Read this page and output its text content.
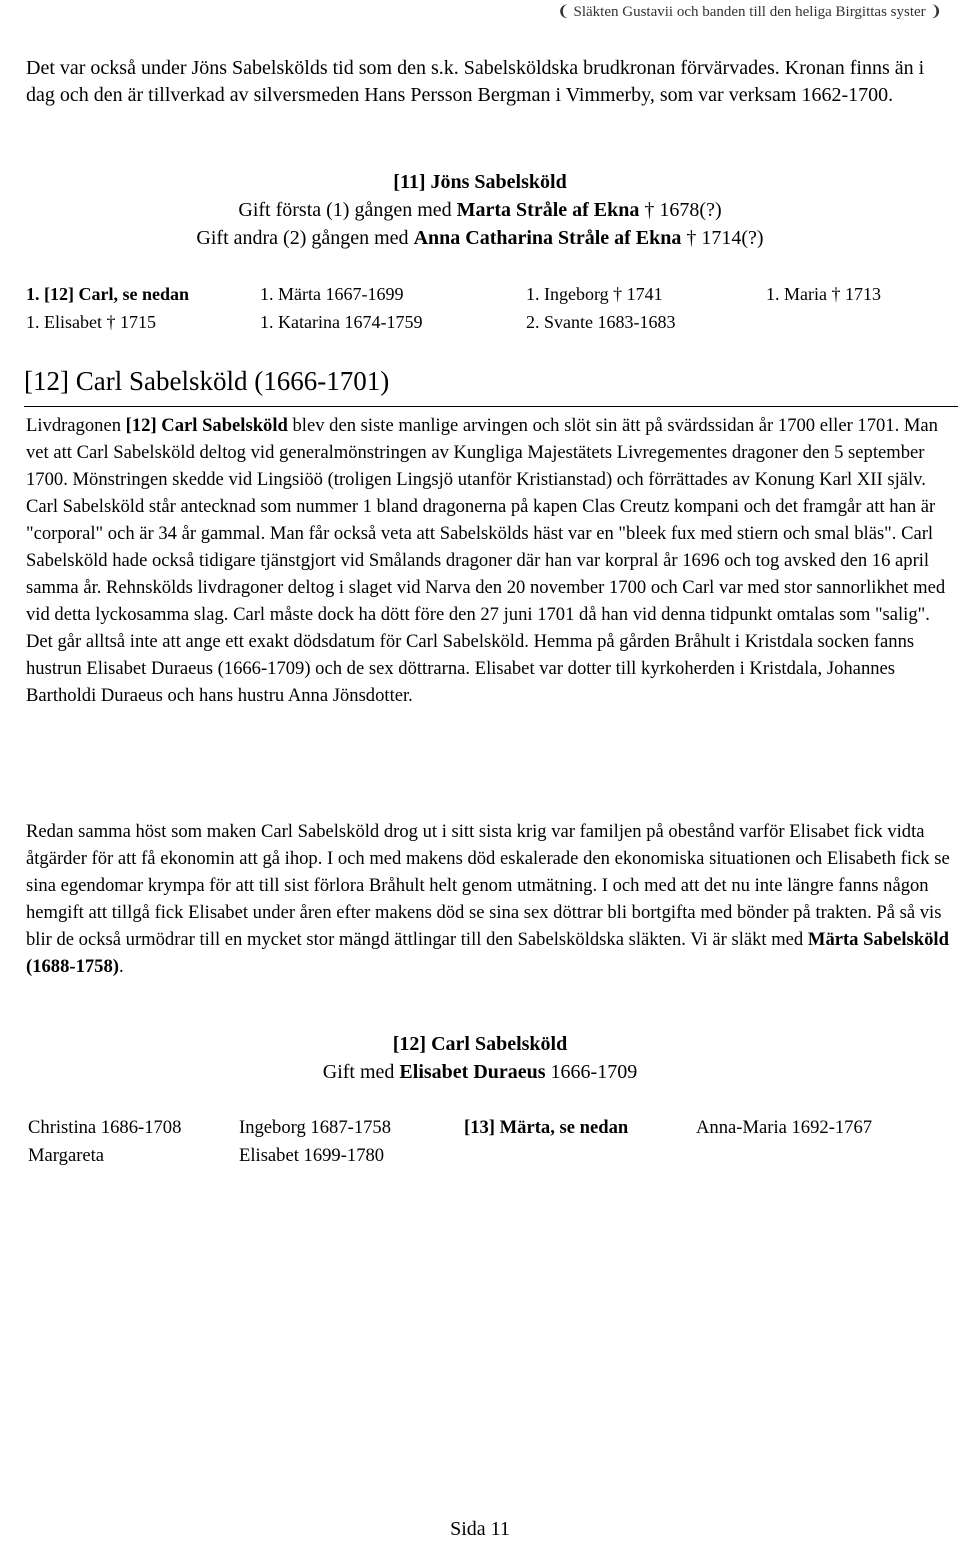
❨ Släkten Gustavii och banden till den heliga Birgittas syster ❩
Det var också under Jöns Sabelskölds tid som den s.k. Sabelsköldska brudkronan förvärvades. Kronan finns än i dag och den är tillverkad av silversmeden Hans Persson Bergman i Vimmerby, som var verksam 1662-1700.
[11] Jöns Sabelsköld
Gift första (1) gången med Marta Stråle af Ekna † 1678(?)
Gift andra (2) gången med Anna Catharina Stråle af Ekna † 1714(?)
1. [12] Carl, se nedan	1. Märta 1667-1699	1. Ingeborg † 1741	1. Maria † 1713
1. Elisabet † 1715	1. Katarina 1674-1759	2. Svante 1683-1683
[12] Carl Sabelsköld (1666-1701)

Livdragonen [12] Carl Sabelsköld blev den siste manlige arvingen och slöt sin ätt på svärdssidan år 1700 eller 1701. Man vet att Carl Sabelsköld deltog vid generalmönstringen av Kungliga Majestätets Livregementes dragoner den 5 september 1700. Mönstringen skedde vid Lingsiöö (troligen Lingsjö utanför Kristianstad) och förrättades av Konung Karl XII själv. Carl Sabelsköld står antecknad som nummer 1 bland dragonerna på kapen Clas Creutz kompani och det framgår att han är "corporal" och är 34 år gammal. Man får också veta att Sabelskölds häst var en "bleek fux med stiern och smal bläs". Carl Sabelsköld hade också tidigare tjänstgjort vid Smålands dragoner där han var korpral år 1696 och tog avsked den 16 april samma år. Rehnskölds livdragoner deltog i slaget vid Narva den 20 november 1700 och Carl var med stor sannorlikhet med vid detta lyckosamma slag. Carl måste dock ha dött före den 27 juni 1701 då han vid denna tidpunkt omtalas som "salig". Det går alltså inte att ange ett exakt dödsdatum för Carl Sabelsköld. Hemma på gården Bråhult i Kristdala socken fanns hustrun Elisabet Duraeus (1666-1709) och de sex döttrarna. Elisabet var dotter till kyrkoherden i Kristdala, Johannes Bartholdi Duraeus och hans hustru Anna Jönsdotter.

Redan samma höst som maken Carl Sabelsköld drog ut i sitt sista krig var familjen på obestånd varför Elisabet fick vidta åtgärder för att få ekonomin att gå ihop. I och med makens död eskalerade den ekonomiska situationen och Elisabeth fick se sina egendomar krympa för att till sist förlora Bråhult helt genom utmätning. I och med att det nu inte längre fanns någon hemgift att tillgå fick Elisabet under åren efter makens död se sina sex döttrar bli bortgifta med bönder på trakten. På så vis blir de också urmödrar till en mycket stor mängd ättlingar till den Sabelsköldska släkten. Vi är släkt med Märta Sabelsköld (1688-1758).

[12] Carl Sabelsköld
Gift med Elisabet Duraeus 1666-1709
Christina 1686-1708	Ingeborg 1687-1758	[13] Märta, se nedan	Anna-Maria 1692-1767
Margareta	Elisabet 1699-1780
Sida 11
